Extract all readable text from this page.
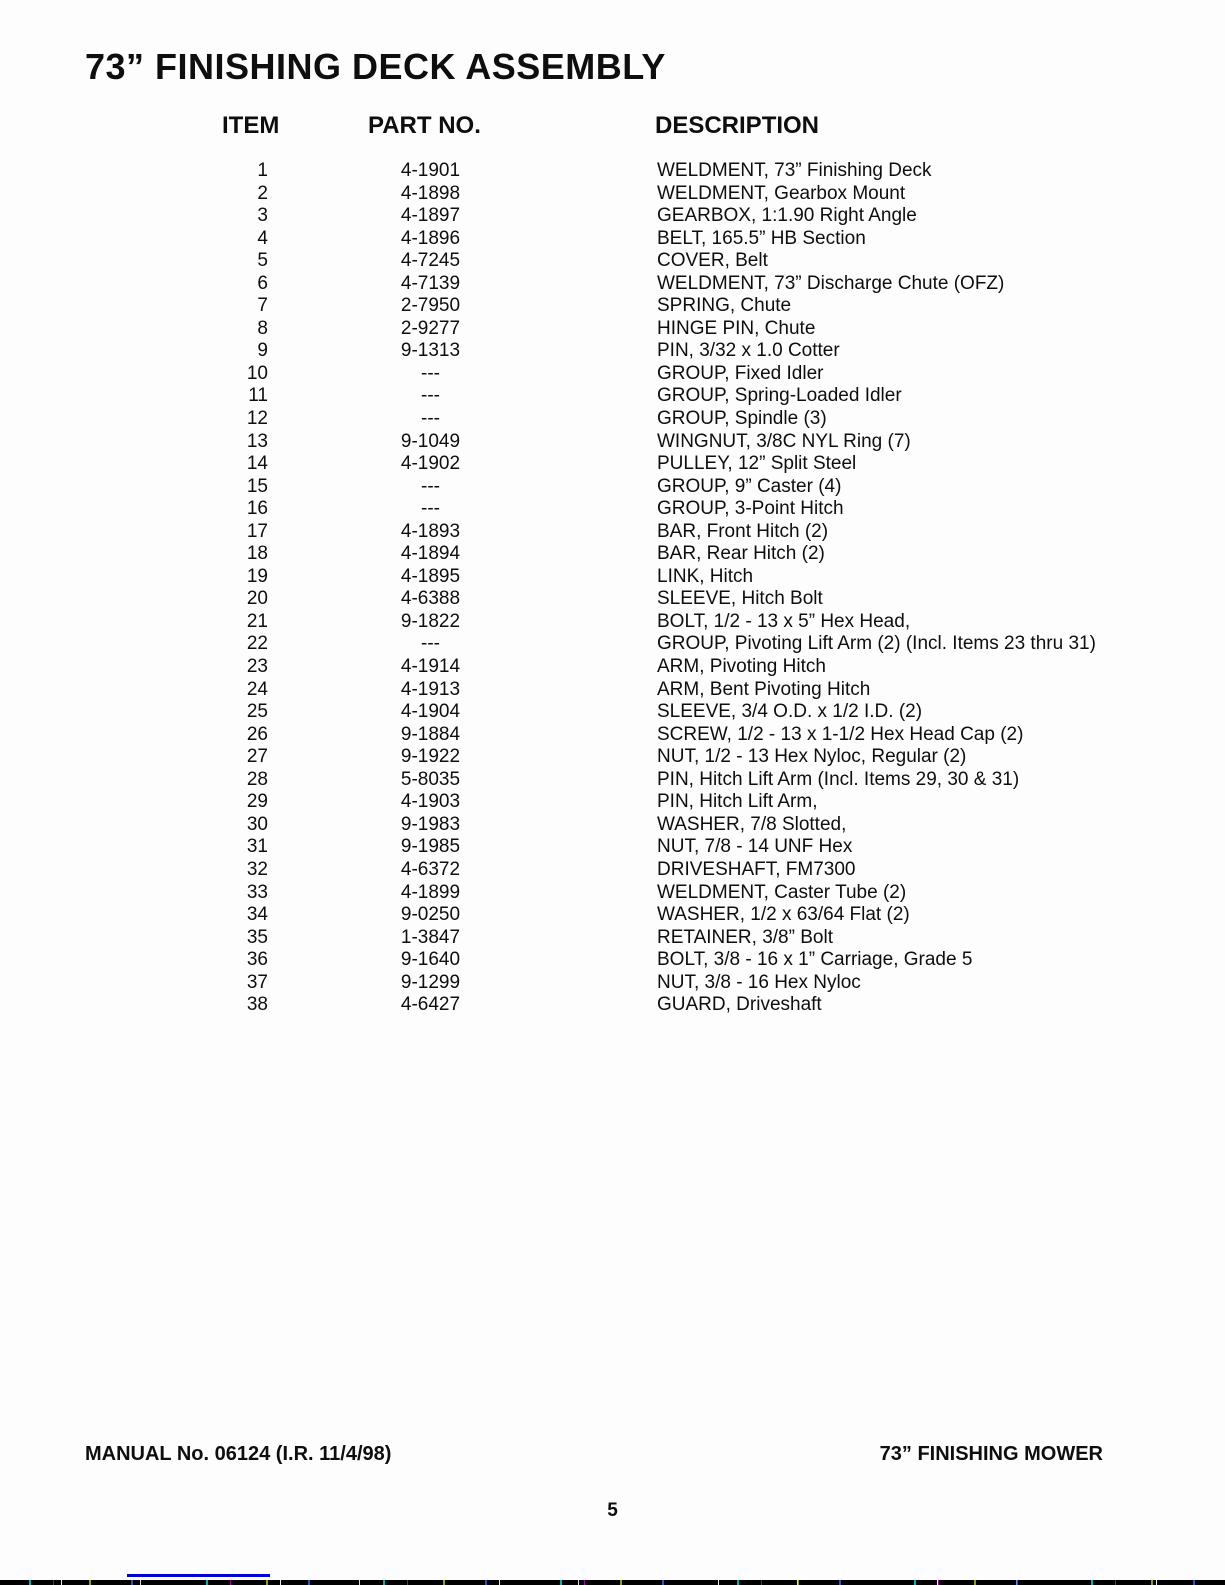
73” FINISHING DECK ASSEMBLY
ITEM	PART NO.	DESCRIPTION
1	4-1901	WELDMENT, 73” Finishing Deck
2	4-1898	WELDMENT, Gearbox Mount
3	4-1897	GEARBOX, 1:1.90 Right Angle
4	4-1896	BELT, 165.5” HB Section
5	4-7245	COVER, Belt
6	4-7139	WELDMENT, 73” Discharge Chute (OFZ)
7	2-7950	SPRING, Chute
8	2-9277	HINGE PIN, Chute
9	9-1313	PIN, 3/32 x 1.0 Cotter
10	---	GROUP, Fixed Idler
11	---	GROUP, Spring-Loaded Idler
12	---	GROUP, Spindle (3)
13	9-1049	WINGNUT, 3/8C NYL Ring (7)
14	4-1902	PULLEY, 12” Split Steel
15	---	GROUP, 9” Caster (4)
16	---	GROUP, 3-Point Hitch
17	4-1893	BAR, Front Hitch (2)
18	4-1894	BAR, Rear Hitch (2)
19	4-1895	LINK, Hitch
20	4-6388	SLEEVE, Hitch Bolt
21	9-1822	BOLT, 1/2 - 13 x 5” Hex Head,
22	---	GROUP, Pivoting Lift Arm (2) (Incl. Items 23 thru 31)
23	4-1914	ARM, Pivoting Hitch
24	4-1913	ARM, Bent Pivoting Hitch
25	4-1904	SLEEVE, 3/4 O.D. x 1/2 I.D. (2)
26	9-1884	SCREW, 1/2 - 13 x 1-1/2 Hex Head Cap (2)
27	9-1922	NUT, 1/2 - 13 Hex Nyloc, Regular (2)
28	5-8035	PIN, Hitch Lift Arm (Incl. Items 29, 30 & 31)
29	4-1903	PIN, Hitch Lift Arm,
30	9-1983	WASHER, 7/8 Slotted,
31	9-1985	NUT, 7/8 - 14 UNF Hex
32	4-6372	DRIVESHAFT, FM7300
33	4-1899	WELDMENT, Caster Tube (2)
34	9-0250	WASHER, 1/2 x 63/64 Flat (2)
35	1-3847	RETAINER, 3/8” Bolt
36	9-1640	BOLT, 3/8 - 16 x 1” Carriage, Grade 5
37	9-1299	NUT, 3/8 - 16 Hex Nyloc
38	4-6427	GUARD, Driveshaft
MANUAL No. 06124 (I.R. 11/4/98)	73” FINISHING MOWER
5
